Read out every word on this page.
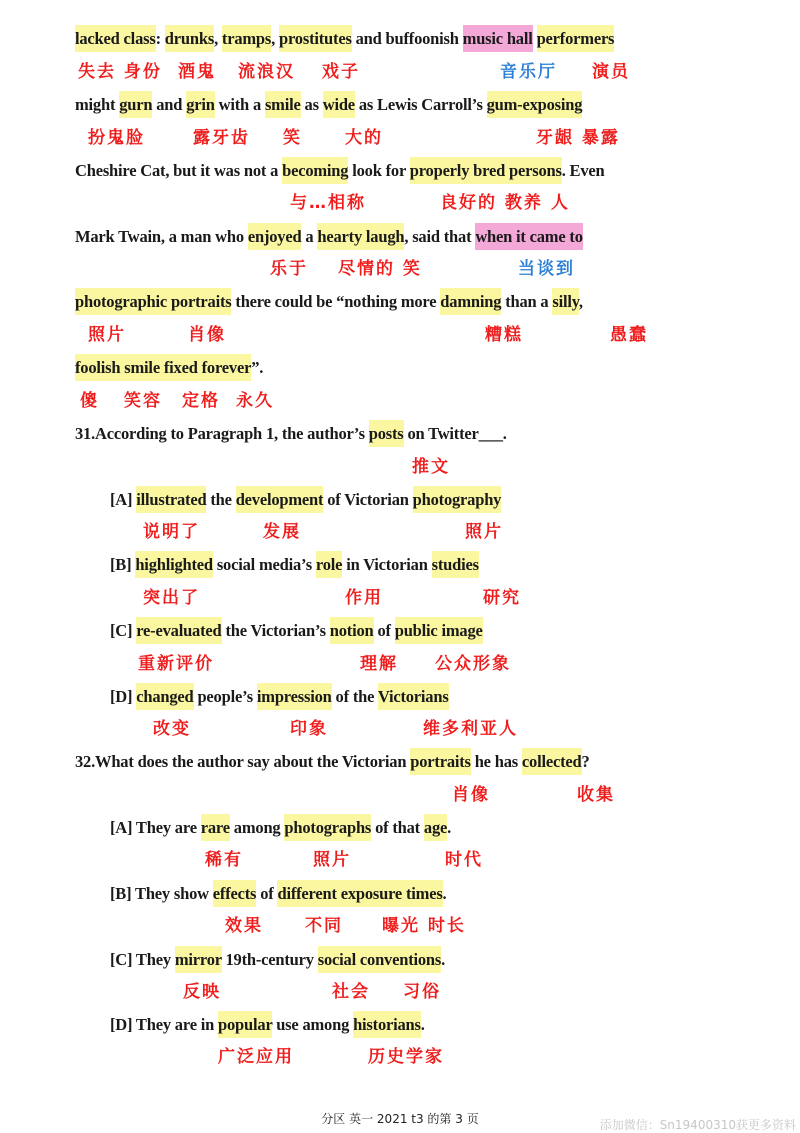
lacked class: drunks, tramps, prostitutes and buffoonish music hall performers
might gurn and grin with a smile as wide as Lewis Carroll’s gum-exposing
Cheshire Cat, but it was not a becoming look for properly bred persons. Even
Mark Twain, a man who enjoyed a hearty laugh, said that when it came to
photographic portraits there could be “nothing more damning than a silly,
foolish smile fixed forever”.
31.According to Paragraph 1, the author’s posts on Twitter___.
[A] illustrated the development of Victorian photography
[B] highlighted social media’s role in Victorian studies
[C] re-evaluated the Victorian’s notion of public image
[D] changed people’s impression of the Victorians
32.What does the author say about the Victorian portraits he has collected?
[A] They are rare among photographs of that age.
[B] They show effects of different exposure times.
[C] They mirror 19th-century social conventions.
[D] They are in popular use among historians.
失去 身份 酒鬼 流浪汉 戏子	音乐厅 演员
扮鬼脸	露牙齿 笑	大的	牙龈 暴露
与…相称	良好的 教养 人
乐于 尽情的 笑	当谈到
照片	肖像	糟糕	愚蠢
傻 笑容 定格 永久
推文
说明了	发展	照片
突出了	作用	研究
重新评价	理解 公众形象
改变	印象	维多利亚人
肖像	收集
稀有	照片	时代
效果 不同 曝光 时长
反映	社会 习俗
广泛应用	历史学家
分区 英一 2021 t3 的第 3 页	添加微信：Sn19400310获更多资料
